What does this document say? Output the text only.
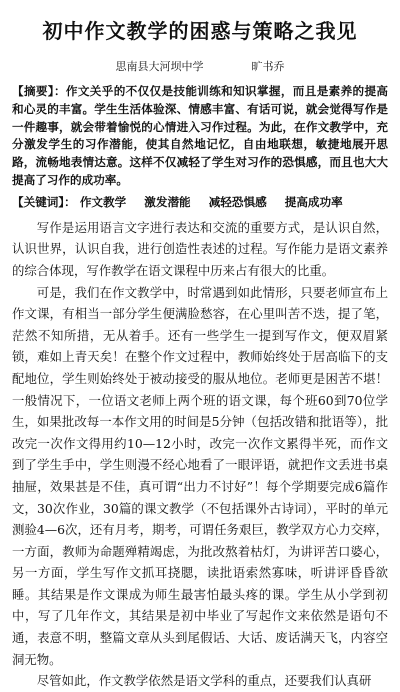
初中作文教学的困惑与策略之我见
思南县大河坝中学	旷书乔
【摘要】：作文关乎的不仅仅是技能训练和知识掌握，而且是素养的提高和心灵的丰富。学生生活体验深、情感丰富、有话可说，就会觉得写作是一件趣事，就会带着愉悦的心情进入习作过程。为此，在作文教学中，充分激发学生的习作潜能，使其自然地记忆，自由地联想，敏捷地展开思路，流畅地表情达意。这样不仅减轻了学生对习作的恐惧感，而且也大大提高了习作的成功率。
【关键词】： 作文教学 激发潜能 减轻恐惧感 提高成功率

写作是运用语言文字进行表达和交流的重要方式，是认识自然，认识世界，认识自我，进行创造性表述的过程。写作能力是语文素养的综合体现，写作教学在语文课程中历来占有很大的比重。

可是，我们在作文教学中，时常遇到如此情形，只要老师宣布上作文课，有相当一部分学生便满脸愁容，在心里叫苦不迭，提了笔，茫然不知所措，无从着手。还有一些学生一提到写作文，便双眉紧锁，难如上青天矣！在整个作文过程中，教师始终处于居高临下的支配地位，学生则始终处于被动接受的服从地位。老师更是困苦不堪！一般情况下，一位语文老师上两个班的语文课，每个班60到70位学生，如果批改每一本作文用的时间是5分钟（包括改错和批语等），批改完一次作文得用约10—12小时，改完一次作文累得半死，而作文到了学生手中，学生则漫不经心地看了一眼评语，就把作文丢进书桌抽屉，效果甚是不佳，真可谓“出力不讨好”！每个学期要完成6篇作文，30次作业，30篇的课文教学（不包括课外古诗词），平时的单元测验4—6次，还有月考，期考，可谓任务艰巨，教学双方心力交瘁，一方面，教师为命题殚精竭虑，为批改熬着枯灯，为讲评苦口婆心，另一方面，学生写作文抓耳挠腮，读批语索然寡味，听讲评昏昏欲睡。其结果是作文课成为师生最害怕最头疼的课。学生从小学到初中，写了几年作文，其结果是初中毕业了写起作文来依然是语句不通，表意不明，整篇文章从头到尾假话、大话、废话满天飞，内容空洞无物。

尽管如此，作文教学依然是语文学科的重点，还要我们认真研
